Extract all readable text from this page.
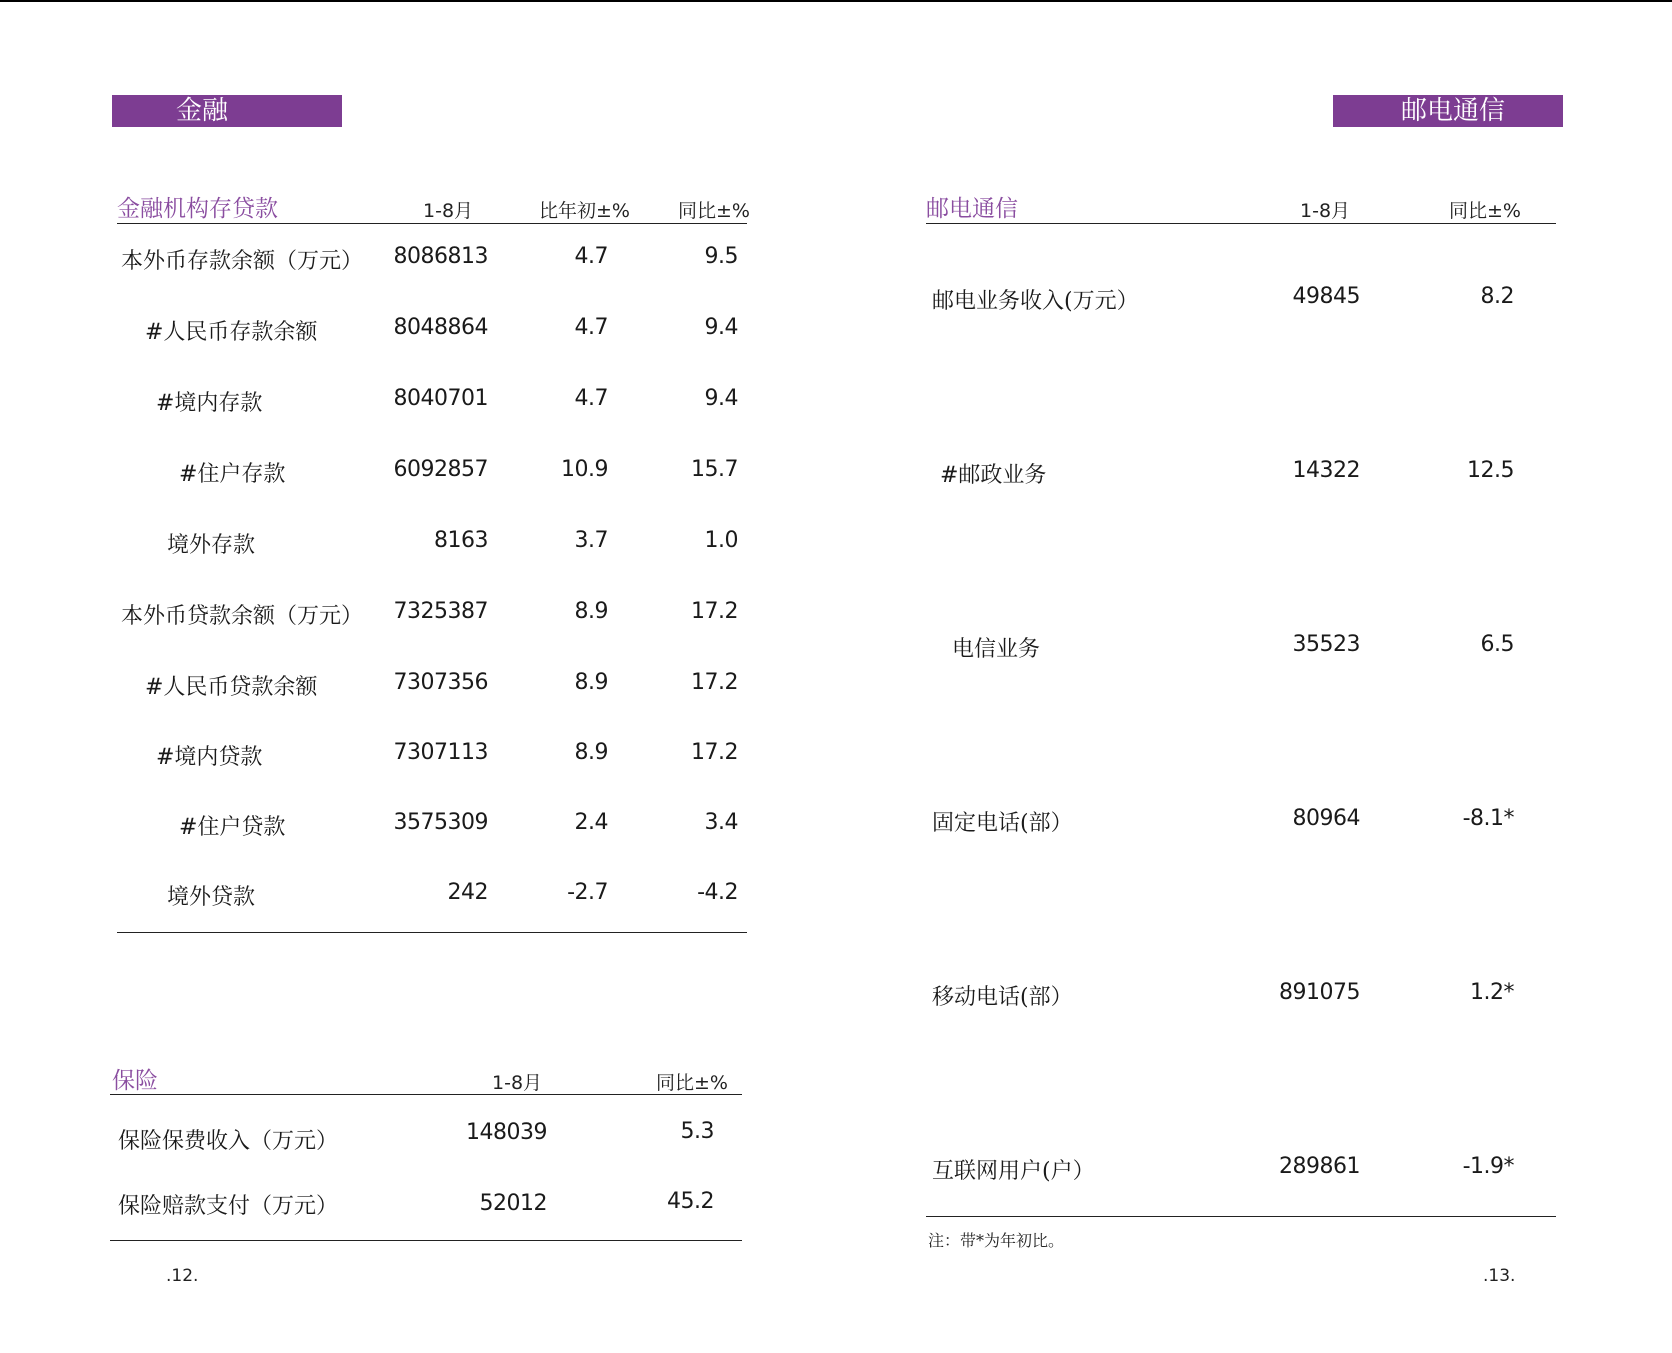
金融
金融机构存贷款	1-8月	比年初±%	同比±%
本外币存款余额（万元）	8086813	4.7	9.5
#人民币存款余额	8048864	4.7	9.4
#境内存款	8040701	4.7	9.4
#住户存款	6092857	10.9	15.7
境外存款	8163	3.7	1.0
本外币贷款余额（万元）	7325387	8.9	17.2
#人民币贷款余额	7307356	8.9	17.2
#境内贷款	7307113	8.9	17.2
#住户贷款	3575309	2.4	3.4
境外贷款	242	-2.7	-4.2
保险	1-8月	同比±%
保险保费收入（万元）	148039	5.3
保险赔款支付（万元）	52012	45.2
.12.
邮电通信
邮电通信	1-8月	同比±%
邮电业务收入(万元）	49845	8.2
#邮政业务	14322	12.5
电信业务	35523	6.5
固定电话(部）	80964	-8.1*
移动电话(部）	891075	1.2*
互联网用户(户）	289861	-1.9*
注：带*为年初比。
.13.
